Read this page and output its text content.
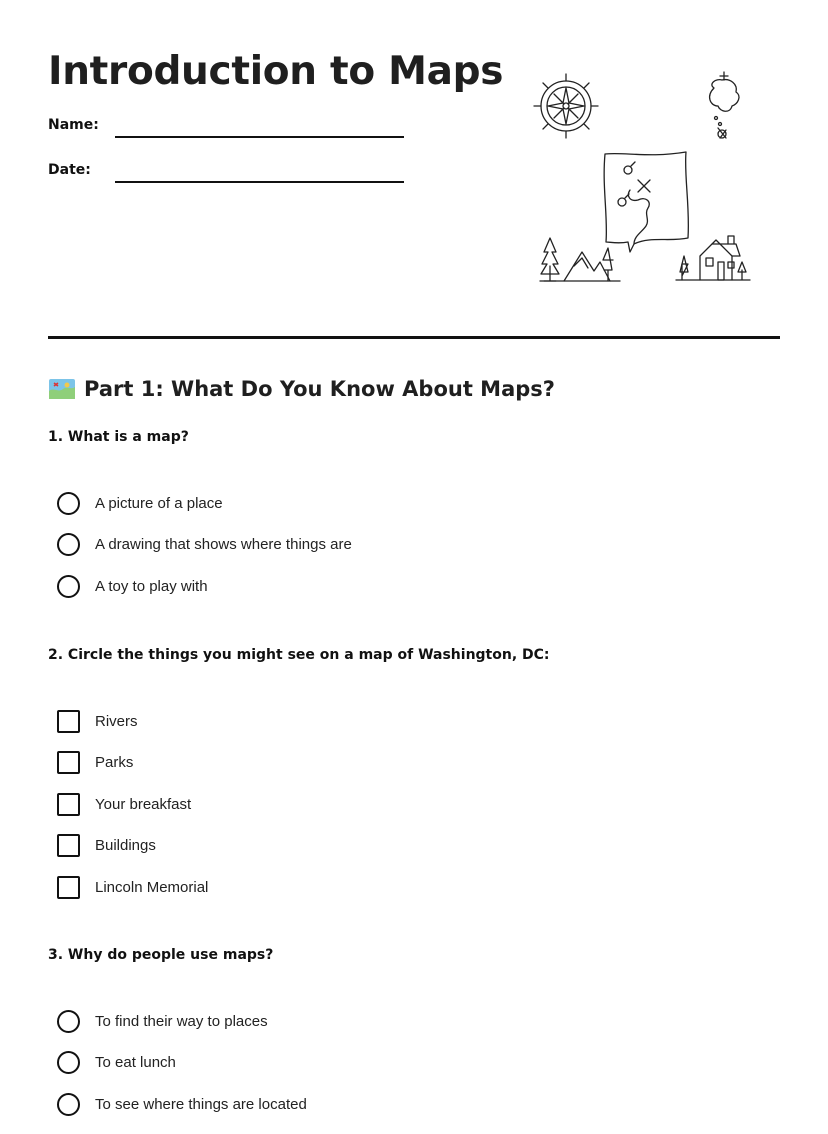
Introduction to Maps
Name:
Date:
Part 1: What Do You Know About Maps?

1. What is a map?

A picture of a place
A drawing that shows where things are
A toy to play with

2. Circle the things you might see on a map of Washington, DC:

Rivers
Parks
Your breakfast
Buildings
Lincoln Memorial

3. Why do people use maps?

To find their way to places
To eat lunch
To see where things are located
